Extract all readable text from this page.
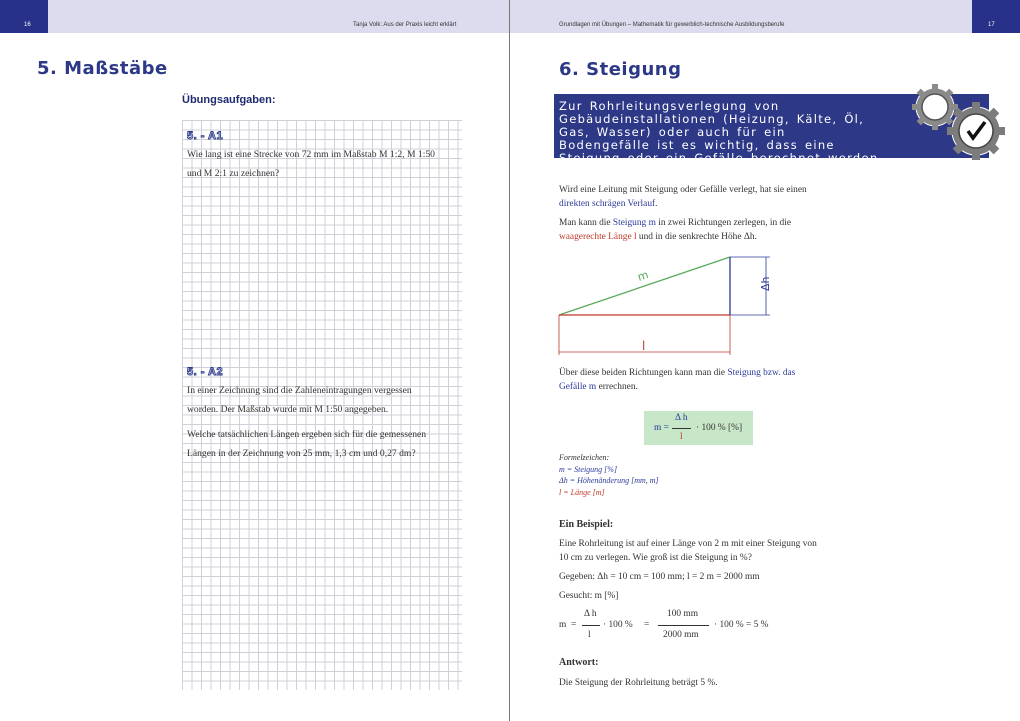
16	Tanja Volk: Aus der Praxis leicht erklärt
5. Maßstäbe
Übungsaufgaben:
5. - A1
Wie lang ist eine Strecke von 72 mm im Maßstab M 1:2, M 1:50
und M 2:1 zu zeichnen?
5. - A2
In einer Zeichnung sind die Zahleneintragungen vergessen
worden. Der Maßstab wurde mit M 1:50 angegeben.
Welche tatsächlichen Längen ergeben sich für die gemessenen
Längen in der Zeichnung von 25 mm, 1,3 cm und 0,27 dm?
17
Grundlagen mit Übungen – Mathematik für gewerblich-technische Ausbildungsberufe
6. Steigung
Zur Rohrleitungsverlegung von Gebäudeinstallationen (Heizung, Kälte, Öl, Gas, Wasser) oder auch für ein Bodengefälle ist es wichtig, dass eine Steigung oder ein Gefälle berechnet werden kann.
Wird eine Leitung mit Steigung oder Gefälle verlegt, hat sie einen
direkten schrägen Verlauf.
Man kann die Steigung m in zwei Richtungen zerlegen, in die
waagerechte Länge l und in die senkrechte Höhe Δh.
m	Δh
l
Über diese beiden Richtungen kann man die Steigung bzw. das
Gefälle m errechnen.
m =
Δ h
l
· 100 % [%]
Formelzeichen:
m = Steigung [%]
Δh = Höhenänderung [mm, m]
l = Länge [m]
Ein Beispiel:
Eine Rohrleitung ist auf einer Länge von 2 m mit einer Steigung von
10 cm zu verlegen. Wie groß ist die Steigung in %?
Gegeben: Δh = 10 cm = 100 mm; l = 2 m = 2000 mm
Gesucht: m [%]
m =
Δ h
l
· 100 % =
100 mm
2000 mm
· 100 % = 5 %
Antwort:
Die Steigung der Rohrleitung beträgt 5 %.
